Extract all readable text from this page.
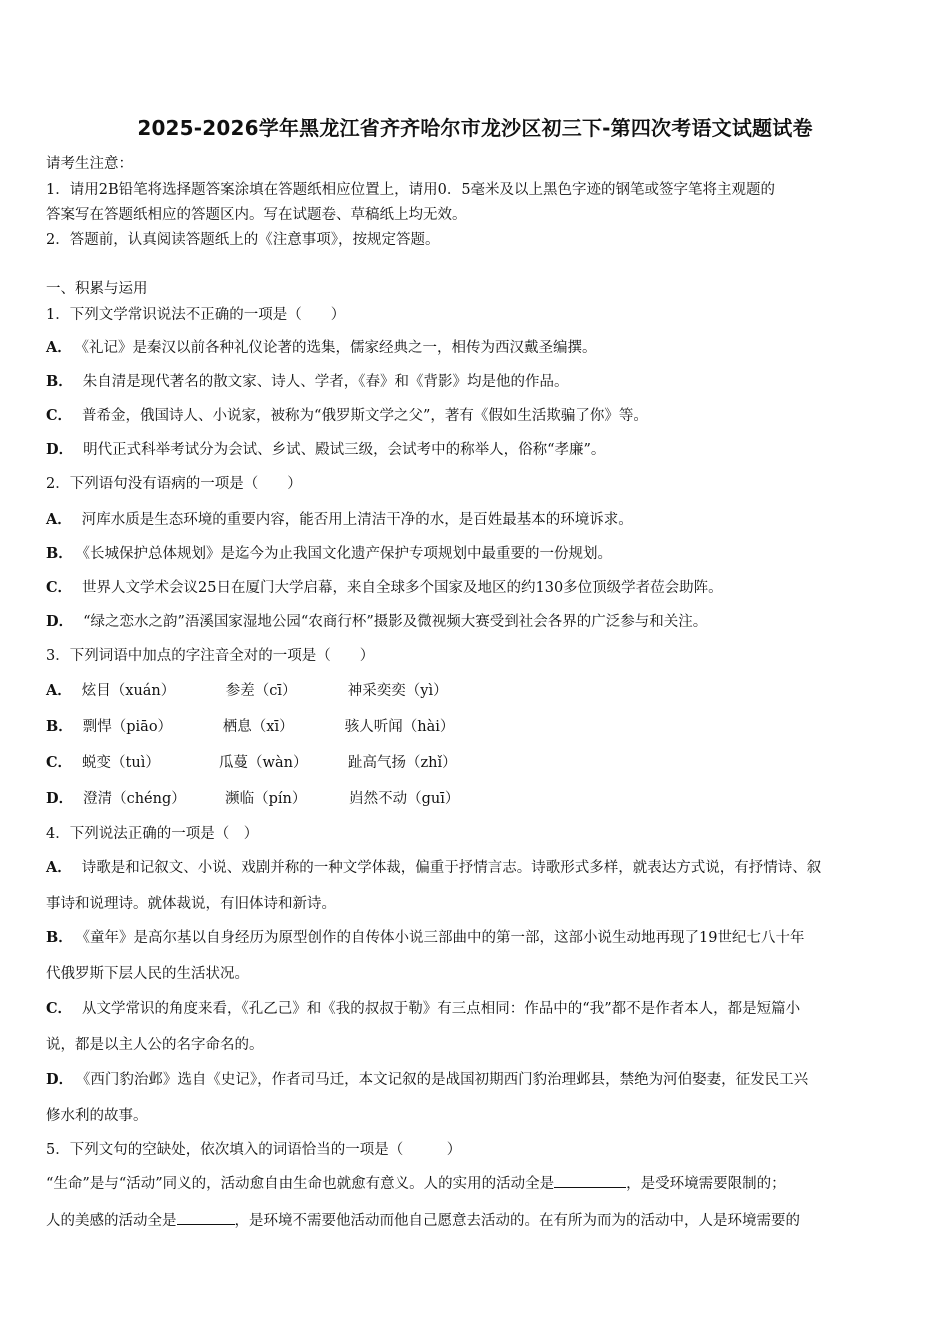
2025-2026学年黑龙江省齐齐哈尔市龙沙区初三下-第四次考语文试题试卷
请考生注意：
1．请用2B铅笔将选择题答案涂填在答题纸相应位置上，请用0．5毫米及以上黑色字迹的钢笔或签字笔将主观题的
答案写在答题纸相应的答题区内。写在试题卷、草稿纸上均无效。
2．答题前，认真阅读答题纸上的《注意事项》，按规定答题。
一、积累与运用
1．下列文学常识说法不正确的一项是（　　）
A． 《礼记》是秦汉以前各种礼仪论著的选集，儒家经典之一，相传为西汉戴圣编撰。
B． 朱自清是现代著名的散文家、诗人、学者，《春》和《背影》均是他的作品。
C． 普希金，俄国诗人、小说家，被称为“俄罗斯文学之父”，著有《假如生活欺骗了你》等。
D． 明代正式科举考试分为会试、乡试、殿试三级，会试考中的称举人，俗称“孝廉”。
2．下列语句没有语病的一项是（　　）
A． 河库水质是生态环境的重要内容，能否用上清洁干净的水，是百姓最基本的环境诉求。
B． 《长城保护总体规划》是迄今为止我国文化遗产保护专项规划中最重要的一份规划。
C． 世界人文学术会议25日在厦门大学启幕，来自全球多个国家及地区的约130多位顶级学者莅会助阵。
D． “绿之恋水之韵”浯溪国家湿地公园“农商行杯”摄影及微视频大赛受到社会各界的广泛参与和关注。
3．下列词语中加点的字注音全对的一项是（　　）
A． 炫目（xuán）	参差（cī）	神采奕奕（yì）
B． 剽悍（piāo）	栖息（xī）	骇人听闻（hài）
C． 蜕变（tuì）	瓜蔓（wàn）	趾高气扬（zhǐ）
D． 澄清（chéng）	濒临（pín）	岿然不动（guī）
4．下列说法正确的一项是（　）
A． 诗歌是和记叙文、小说、戏剧并称的一种文学体裁，偏重于抒情言志。诗歌形式多样，就表达方式说，有抒情诗、叙
事诗和说理诗。就体裁说，有旧体诗和新诗。
B． 《童年》是高尔基以自身经历为原型创作的自传体小说三部曲中的第一部，这部小说生动地再现了19世纪七八十年
代俄罗斯下层人民的生活状况。
C． 从文学常识的角度来看，《孔乙己》和《我的叔叔于勒》有三点相同：作品中的“我”都不是作者本人，都是短篇小
说，都是以主人公的名字命名的。
D． 《西门豹治邺》选自《史记》，作者司马迁，本文记叙的是战国初期西门豹治理邺县，禁绝为河伯娶妻，征发民工兴
修水利的故事。
5．下列文句的空缺处，依次填入的词语恰当的一项是（　　　）
“生命”是与“活动”同义的，活动愈自由生命也就愈有意义。人的实用的活动全是	，是受环境需要限制的；
人的美感的活动全是	，是环境不需要他活动而他自己愿意去活动的。在有所为而为的活动中，人是环境需要的
